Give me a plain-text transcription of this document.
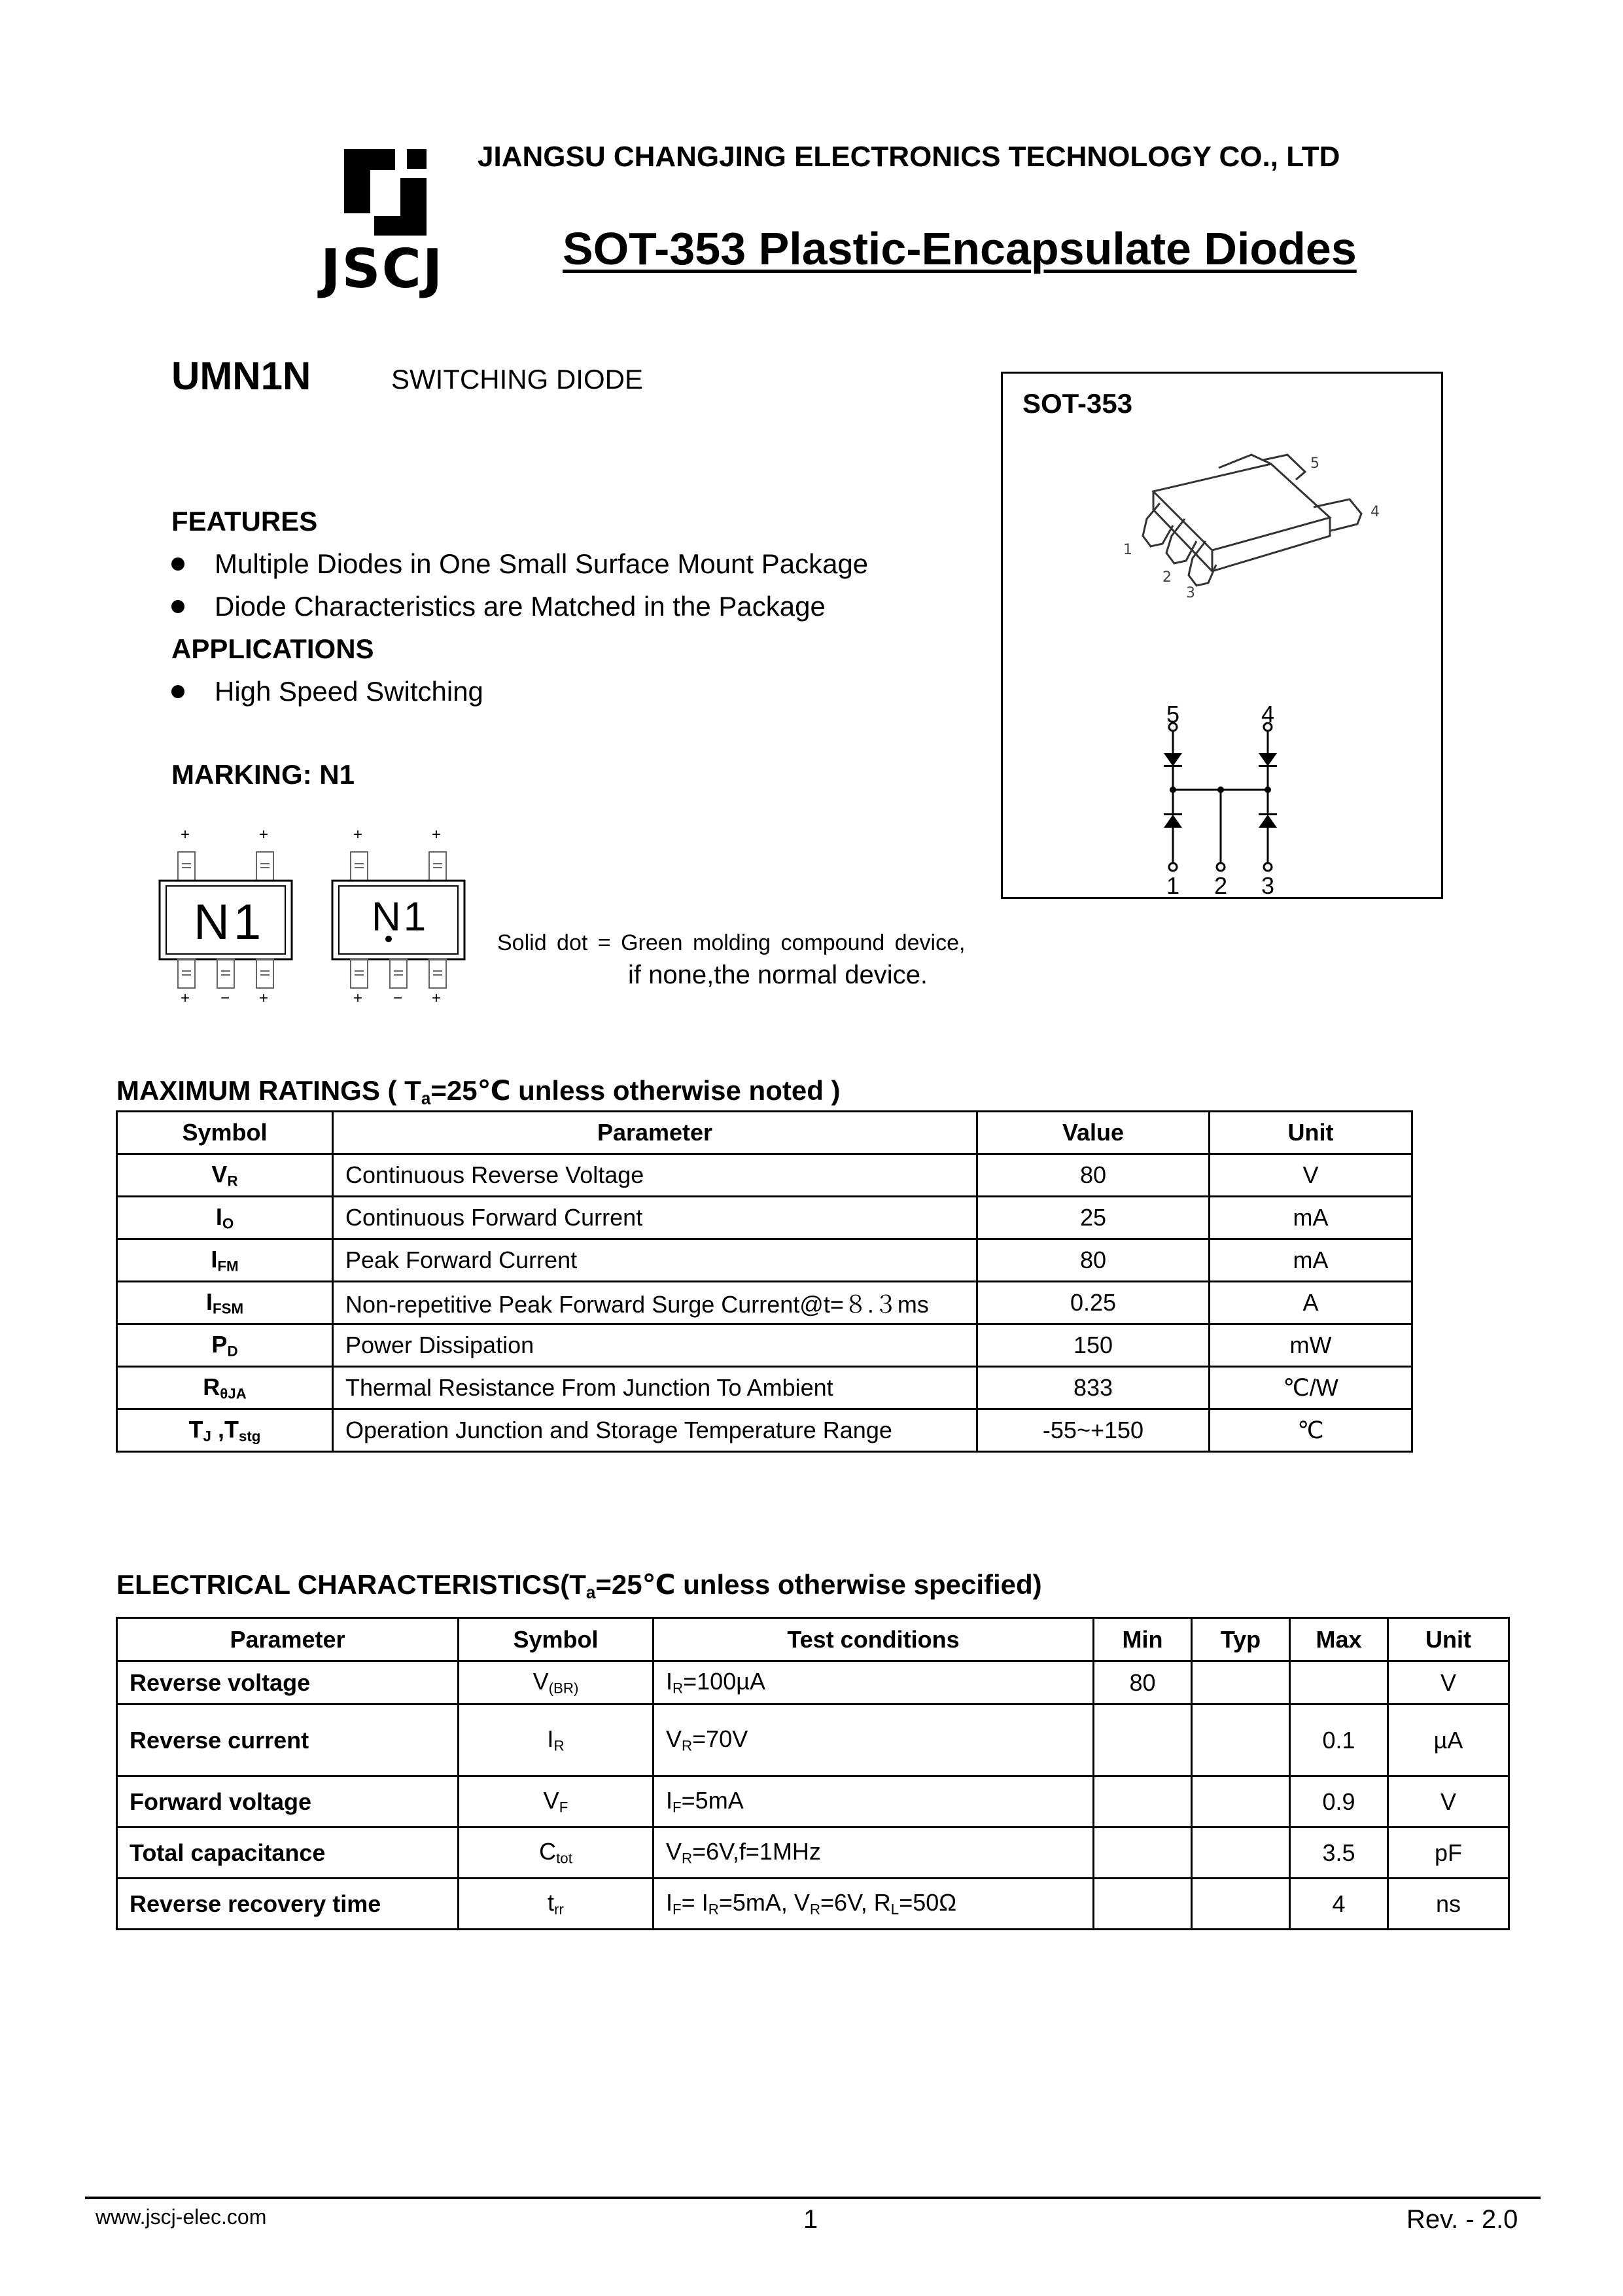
JSCJ
JIANGSU CHANGJING ELECTRONICS TECHNOLOGY CO., LTD
SOT-353 Plastic-Encapsulate Diodes
UMN1N	SWITCHING DIODE
FEATURES
Multiple Diodes in One Small Surface Mount Package
Diode Characteristics are Matched in the Package
APPLICATIONS
High Speed Switching
MARKING: N1
+	+
+ − +
N1
+	+
+ − +
N1
Solid dot = Green molding compound device,
if none,the normal device.
SOT-353
5
4
1
2
3
5	4
1 2 3
MAXIMUM RATINGS ( $T_a=25℃$ unless otherwise noted )
Symbol	Parameter	Value	Unit
$V_R$	Continuous Reverse Voltage	80	V
$I_O$	Continuous Forward Current	25	mA
$I_{FM}$	Peak Forward Current	80	mA
$I_{FSM}$	Non-repetitive Peak Forward Surge Current@t=８.３ms	0.25	A
$P_D$	Power Dissipation	150	mW
$R_{\theta JA}$	Thermal Resistance From Junction To Ambient	833	℃/W
$T_J$ $,T_{stg}$	Operation Junction and Storage Temperature Range	-55~+150	℃
ELECTRICAL $CHARACTERISTICS(T_a=25℃$ unless otherwise specified)
Parameter	Symbol	Test conditions	Min	Typ	Max	Unit
Reverse voltage	$V_{(BR)}$	$I_R=100\mu A$	80			V
Reverse current	$I_R$	$V_R=70V$			0.1	µA
Forward voltage	$V_F$	$I_F=5mA$			0.9	V
Total capacitance	$C_{tot}$	$V_R=6V,f=1MHz$			3.5	pF
Reverse recovery time	$t_{rr}$	$I_F= I_R=5mA$, $V_R=6V$, $R_L=50\Omega$			4	ns
www.jscj-elec.com	1	Rev. - 2.0
